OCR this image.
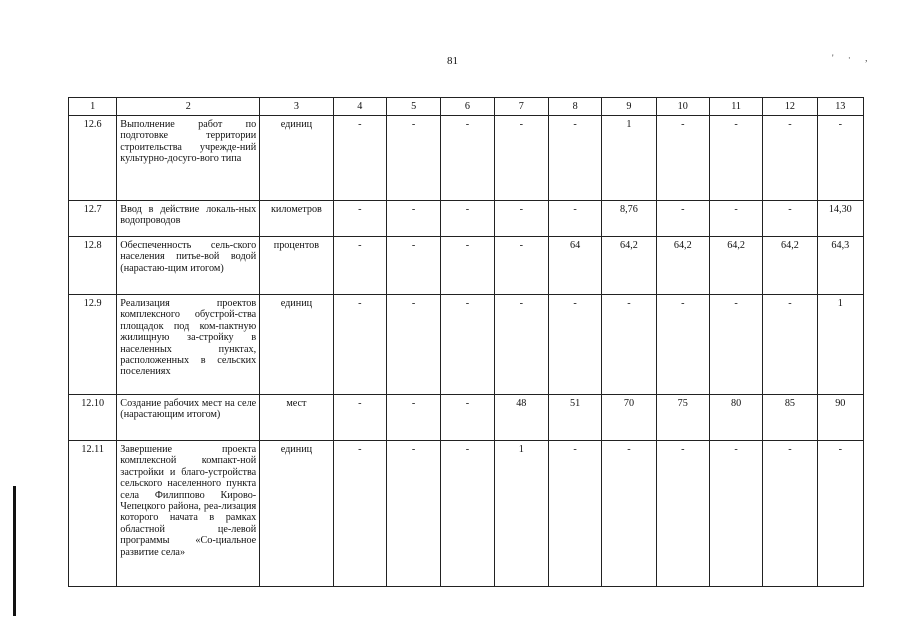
81	' · ,
1	2	3	4	5	6	7	8	9	10	11	12	13
12.6	Выполнение работ по подготовке территории строительства учрежде-ний культурно-досуго-вого типа	единиц	-	-	-	-	-	1	-	-	-	-
12.7	Ввод в действие локаль-ных водопроводов	километров	-	-	-	-	-	8,76	-	-	-	14,30
12.8	Обеспеченность сель-ского населения питье-вой водой (нарастаю-щим итогом)	процентов	-	-	-	-	64	64,2	64,2	64,2	64,2	64,3
12.9	Реализация проектов комплексного обустрой-ства площадок под ком-пактную жилищную за-стройку в населенных пунктах, расположенных в сельских поселениях	единиц	-	-	-	-	-	-	-	-	-	1
12.10	Создание рабочих мест на селе (нарастающим итогом)	мест	-	-	-	48	51	70	75	80	85	90
12.11	Завершение проекта комплексной компакт-ной застройки и благо-устройства сельского населенного пункта села Филиппово Кирово-Чепецкого района, реа-лизация которого начата в рамках областной це-левой программы «Со-циальное развитие села»	единиц	-	-	-	1	-	-	-	-	-	-
